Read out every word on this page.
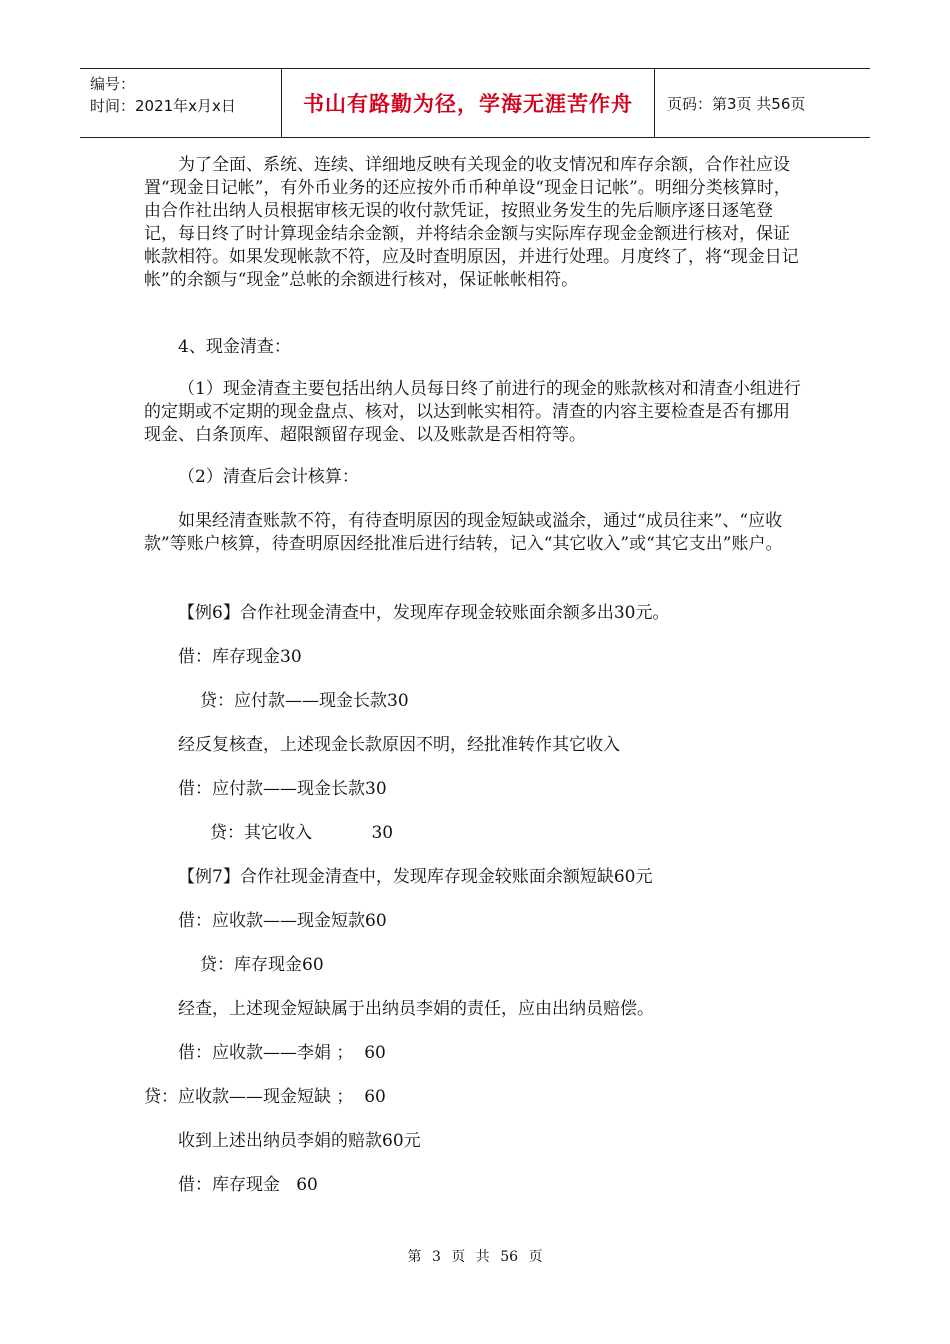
编号：
时间：2021年x月x日	书山有路勤为径，学海无涯苦作舟 页码：第3页 共56页

为了全面、系统、连续、详细地反映有关现金的收支情况和库存余额，合作社应设置“现金日记帐”，有外币业务的还应按外币币种单设“现金日记帐”。明细分类核算时，由合作社出纳人员根据审核无误的收付款凭证，按照业务发生的先后顺序逐日逐笔登记，每日终了时计算现金结余金额，并将结余金额与实际库存现金金额进行核对，保证帐款相符。如果发现帐款不符，应及时查明原因，并进行处理。月度终了，将“现金日记帐”的余额与“现金”总帐的余额进行核对，保证帐帐相符。

4、现金清查：

（1）现金清查主要包括出纳人员每日终了前进行的现金的账款核对和清查小组进行的定期或不定期的现金盘点、核对，以达到帐实相符。清查的内容主要检查是否有挪用现金、白条顶库、超限额留存现金、以及账款是否相符等。

（2）清查后会计核算：

如果经清查账款不符，有待查明原因的现金短缺或溢余，通过“成员往来”、“应收款”等账户核算，待查明原因经批准后进行结转，记入“其它收入”或“其它支出”账户。

【例6】合作社现金清查中，发现库存现金较账面余额多出30元。
借：库存现金30
贷：应付款——现金长款30
经反复核查，上述现金长款原因不明，经批准转作其它收入
借：应付款——现金长款30
贷：其它收入           30
【例7】合作社现金清查中，发现库存现金较账面余额短缺60元
借：应收款——现金短款60
贷：库存现金60
经查，上述现金短缺属于出纳员李娟的责任，应由出纳员赔偿。
借：应收款——李娟 ；  60
贷：应收款——现金短缺 ；  60
收到上述出纳员李娟的赔款60元
借：库存现金   60
第 3 页 共 56 页
